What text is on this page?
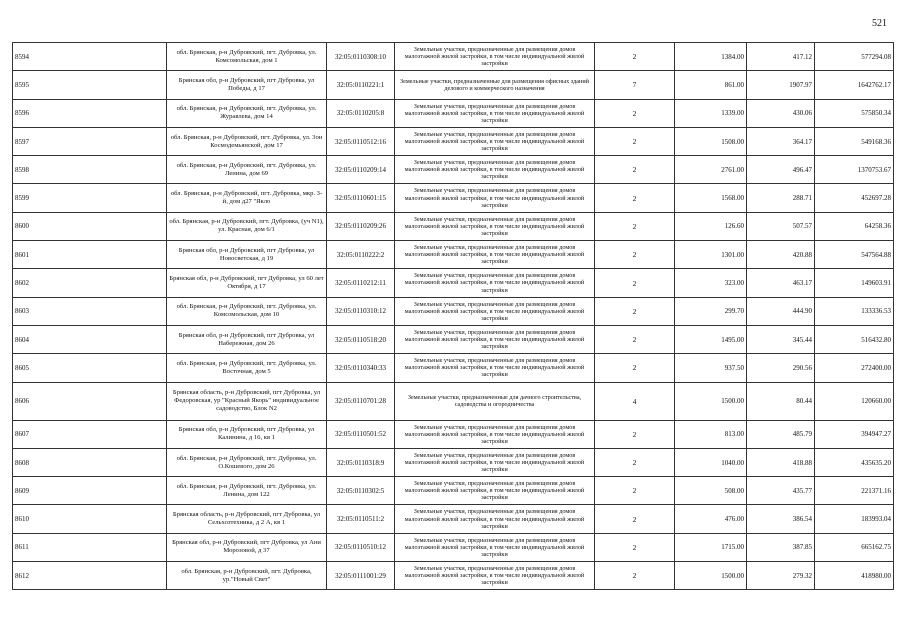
521
8594	обл. Брянская, р-н Дубровский, пгт. Дубровка, ул. Комсомольская, дом 1	32:05:0110308:10	Земельные участки, предназначенные для размещения домов малоэтажной жилой застройки, в том числе индивидуальной жилой застройки	2	1384.00	417.12	577294.08
8595	Брянская обл, р-н Дубровский, пгт Дубровка, ул Победы, д 17	32:05:0110221:1	Земельные участки, предназначенные для размещения офисных зданий делового и коммерческого назначения	7	861.00	1907.97	1642762.17
8596	обл. Брянская, р-н Дубровский, пгт. Дубровка, ул. Журавлева, дом 14	32:05:0110205:8	Земельные участки, предназначенные для размещения домов малоэтажной жилой застройки, в том числе индивидуальной жилой застройки	2	1339.00	430.06	575850.34
8597	обл. Брянская, р-н Дубровский, пгт. Дубровка, ул. 3он Космодемьянской, дом 17	32:05:0110512:16	Земельные участки, предназначенные для размещения домов малоэтажной жилой застройки, в том числе индивидуальной жилой застройки	2	1508.00	364.17	549168.36
8598	обл. Брянская, р-н Дубровский, пгт. Дубровка, ул. Ленина, дом 69	32:05:0110209:14	Земельные участки, предназначенные для размещения домов малоэтажной жилой застройки, в том числе индивидуальной жилой застройки	2	2761.00	496.47	1370753.67
8599	обл. Брянская, р-н Дубровский, пгт. Дубровка, мкр. 3-й, дом д27 "Якло	32:05:0110601:15	Земельные участки, предназначенные для размещения домов малоэтажной жилой застройки, в том числе индивидуальной жилой застройки	2	1568.00	288.71	452697.28
8600	обл. Брянская, р-н Дубровский, пгт. Дубровка, (уч N1), ул. Красная, дом 6/1	32:05:0110209:26	Земельные участки, предназначенные для размещения домов малоэтажной жилой застройки, в том числе индивидуальной жилой застройки	2	126.60	507.57	64258.36
8601	Брянская обл, р-н Дубровский, пгт Дубровка, ул Новосветская, д 19	32:05:0110222:2	Земельные участки, предназначенные для размещения домов малоэтажной жилой застройки, в том числе индивидуальной жилой застройки	2	1301.00	420.88	547564.88
8602	Брянская обл, р-н Дубровский, пгт Дубровка, ул 60 лет Октября, д 17	32:05:0110212:11	Земельные участки, предназначенные для размещения домов малоэтажной жилой застройки, в том числе индивидуальной жилой застройки	2	323.00	463.17	149603.91
8603	обл. Брянская, р-н Дубровский, пгт. Дубровка, ул. Комсомольская, дом 10	32:05:0110310:12	Земельные участки, предназначенные для размещения домов малоэтажной жилой застройки, в том числе индивидуальной жилой застройки	2	299.70	444.90	133336.53
8604	Брянская обл, р-н Дубровский, пгт Дубровка, ул Набережная, дом 26	32:05:0110518:20	Земельные участки, предназначенные для размещения домов малоэтажной жилой застройки, в том числе индивидуальной жилой застройки	2	1495.00	345.44	516432.80
8605	обл. Брянская, р-н Дубровский, пгт. Дубровка, ул. Восточная, дом 5	32:05:0110340:33	Земельные участки, предназначенные для размещения домов малоэтажной жилой застройки, в том числе индивидуальной жилой застройки	2	937.50	290.56	272400.00
8606	Брянская область, р-н Дубровский, пгт Дубровка, ул Федоровская, ур "Красный Якорь" индивидуальное садоводство, Блок N2	32:05:0110701:28	Земельные участки, предназначенные для дачного строительства, садоводства и огородничества	4	1500.00	80.44	120660.00
8607	Брянская обл, р-н Дубровский, пгт Дубровка, ул Калинина, д 16, кв 1	32:05:0110501:52	Земельные участки, предназначенные для размещения домов малоэтажной жилой застройки, в том числе индивидуальной жилой застройки	2	813.00	485.79	394947.27
8608	обл. Брянская, р-н Дубровский, пгт. Дубровка, ул. О.Кошевого, дом 26	32:05:0110318:9	Земельные участки, предназначенные для размещения домов малоэтажной жилой застройки, в том числе индивидуальной жилой застройки	2	1040.00	418.88	435635.20
8609	обл. Брянская, р-н Дубровский, пгт. Дубровка, ул. Ленина, дом 122	32:05:0110302:5	Земельные участки, предназначенные для размещения домов малоэтажной жилой застройки, в том числе индивидуальной жилой застройки	2	508.00	435.77	221371.16
8610	Брянская область, р-н Дубровский, пгт Дубровка, ул Сельхозтехника, д 2 А, кв 1	32:05:0110511:2	Земельные участки, предназначенные для размещения домов малоэтажной жилой застройки, в том числе индивидуальной жилой застройки	2	476.00	386.54	183993.04
8611	Брянская обл, р-н Дубровский, пгт Дубровка, ул Ани Морозовой, д 37	32:05:0110510:12	Земельные участки, предназначенные для размещения домов малоэтажной жилой застройки, в том числе индивидуальной жилой застройки	2	1715.00	387.85	665162.75
8612	обл. Брянская, р-н Дубровский, пгт. Дубровка, ур."Новый Свет"	32:05:0111001:29	Земельные участки, предназначенные для размещения домов малоэтажной жилой застройки, в том числе индивидуальной жилой застройки	2	1500.00	279.32	418980.00
